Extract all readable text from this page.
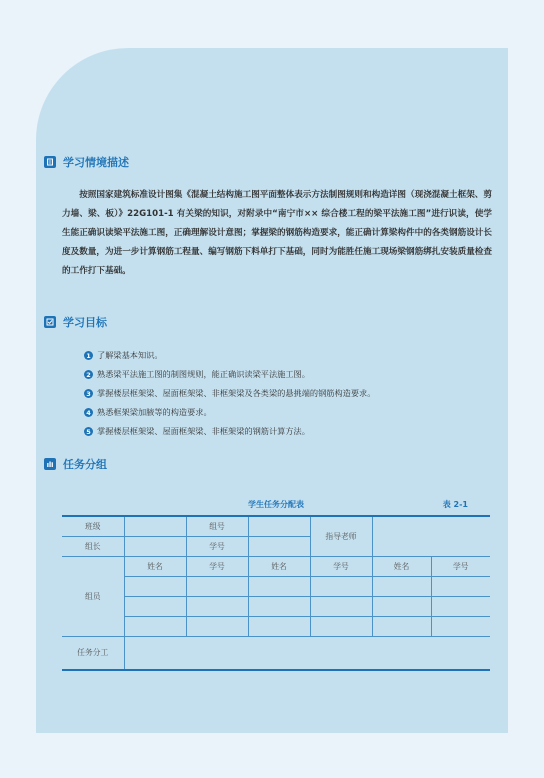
学习情境描述

按照国家建筑标准设计图集《混凝土结构施工图平面整体表示方法制图规则和构造详图（现浇混凝土框架、剪力墙、梁、板）》22G101-1 有关梁的知识，对附录中“南宁市×× 综合楼工程的梁平法施工图”进行识读，使学生能正确识读梁平法施工图，正确理解设计意图；掌握梁的钢筋构造要求，能正确计算梁构件中的各类钢筋设计长度及数量，为进一步计算钢筋工程量、编写钢筋下料单打下基础，同时为能胜任施工现场梁钢筋绑扎安装质量检查的工作打下基础。

学习目标
1 了解梁基本知识。
2 熟悉梁平法施工图的制图规则，能正确识读梁平法施工图。
3 掌握楼层框架梁、屋面框架梁、非框架梁及各类梁的悬挑端的钢筋构造要求。
4 熟悉框架梁加腋等的构造要求。
5 掌握楼层框架梁、屋面框架梁、非框架梁的钢筋计算方法。
任务分组
学生任务分配表	表 2-1
班级		组号		指导老师		
组长		学号				
组员	姓名	学号	姓名	学号	姓名	学号

任务分工						
